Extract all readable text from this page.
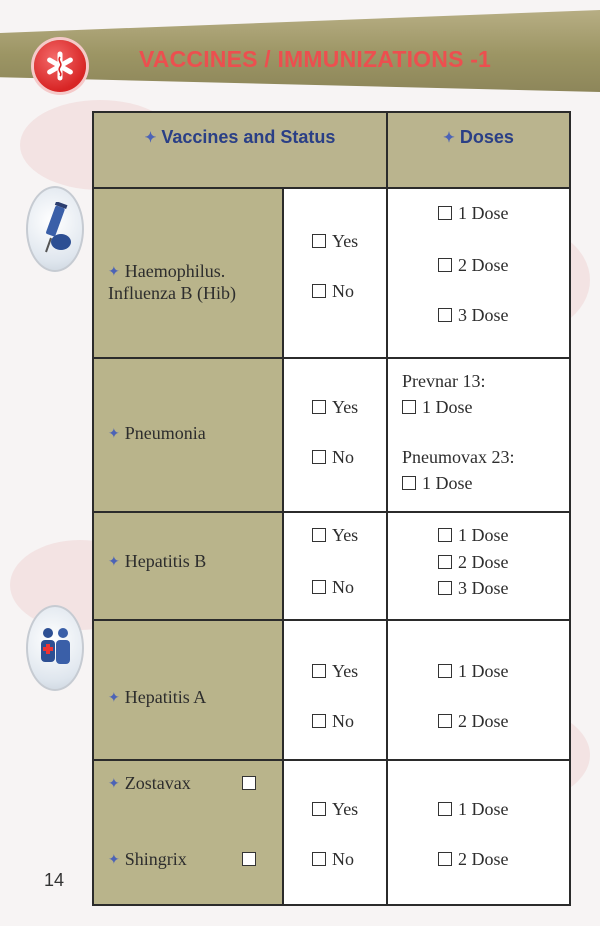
VACCINES / IMMUNIZATIONS -1
✦ Vaccines and Status	✦ Doses
✦ Haemophilus.
Influenza B (Hib)
Yes
No
1 Dose
2 Dose
3 Dose
✦ Pneumonia
Yes
No
Prevnar 13:
1 Dose
Pneumovax 23:
1 Dose
✦ Hepatitis B
Yes
No
1 Dose
2 Dose
3 Dose
✦ Hepatitis A
Yes
No
1 Dose
2 Dose
✦ Zostavax
✦ Shingrix
Yes
No
1 Dose
2 Dose
14
